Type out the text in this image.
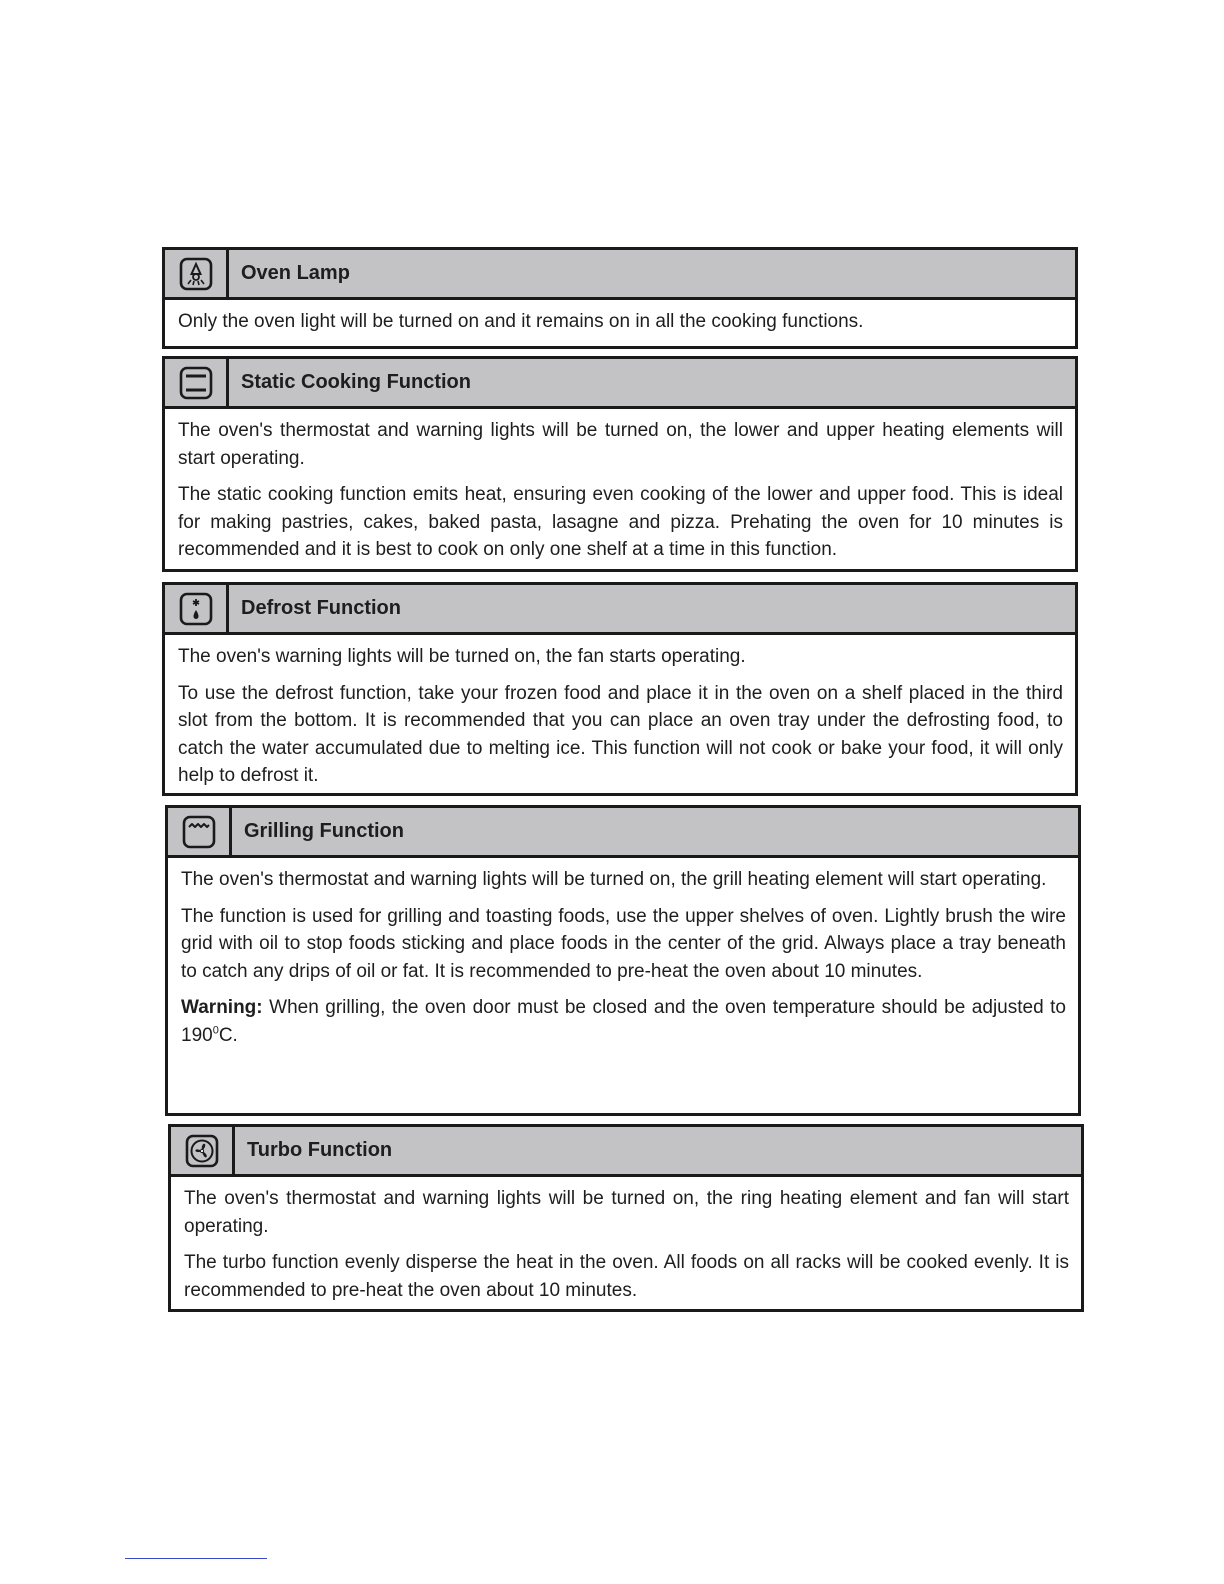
Oven Lamp

Only the oven light will be turned on and it remains on in all the cooking functions.

Static Cooking Function

The oven's thermostat and warning lights will be turned on, the lower and upper heating elements will start operating.

The static cooking function emits heat, ensuring even cooking of the lower and upper food. This is ideal for making pastries, cakes, baked pasta, lasagne and pizza. Prehating the oven for 10 minutes is recommended and it is best to cook on only one shelf at a time in this function.

Defrost Function

The oven's warning lights will be turned on, the fan starts operating.

To use the defrost function, take your frozen food and place it in the oven on a shelf placed in the third slot from the bottom. It is recommended that you can place an oven tray under the defrosting food, to catch the water accumulated due to melting ice. This function will not cook or bake your food, it will only help to defrost it.

Grilling Function

The oven's thermostat and warning lights will be turned on, the grill heating element will start operating.

The function is used for grilling and toasting foods, use the upper shelves of oven. Lightly brush the wire grid with oil to stop foods sticking and place foods in the center of the grid. Always place a tray beneath to catch any drips of oil or fat. It is recommended to pre-heat the oven about 10 minutes.

Warning: When grilling, the oven door must be closed and the oven temperature should be adjusted to $190^0C$.

Turbo Function

The oven's thermostat and warning lights will be turned on, the ring heating element and fan will start operating.

The turbo function evenly disperse the heat in the oven. All foods on all racks will be cooked evenly. It is recommended to pre-heat the oven about 10 minutes.
